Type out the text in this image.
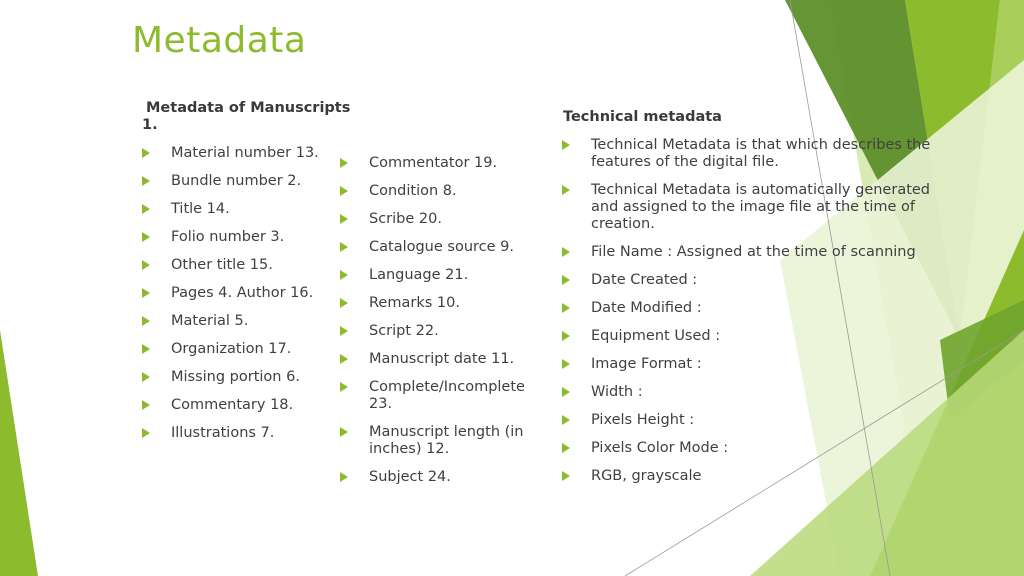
Metadata
Metadata of Manuscripts
1.
Material number 13.
Bundle number 2.
Title 14.
Folio number 3.
Other title 15.
Pages 4. Author 16.
Material 5.
Organization 17.
Missing portion 6.
Commentary 18.
Illustrations 7.
Commentator 19.
Condition 8.
Scribe 20.
Catalogue source 9.
Language 21.
Remarks 10.
Script 22.
Manuscript date 11.
Complete/Incomplete 23.
Manuscript length (in inches) 12.
Subject 24.
Technical metadata
Technical Metadata is that which describes the features of the digital file.
Technical Metadata is automatically generated and assigned to the image file at the time of creation.
File Name : Assigned at the time of scanning
Date Created :
Date Modified :
Equipment Used :
Image Format :
Width :
Pixels Height :
Pixels Color Mode :
RGB, grayscale
